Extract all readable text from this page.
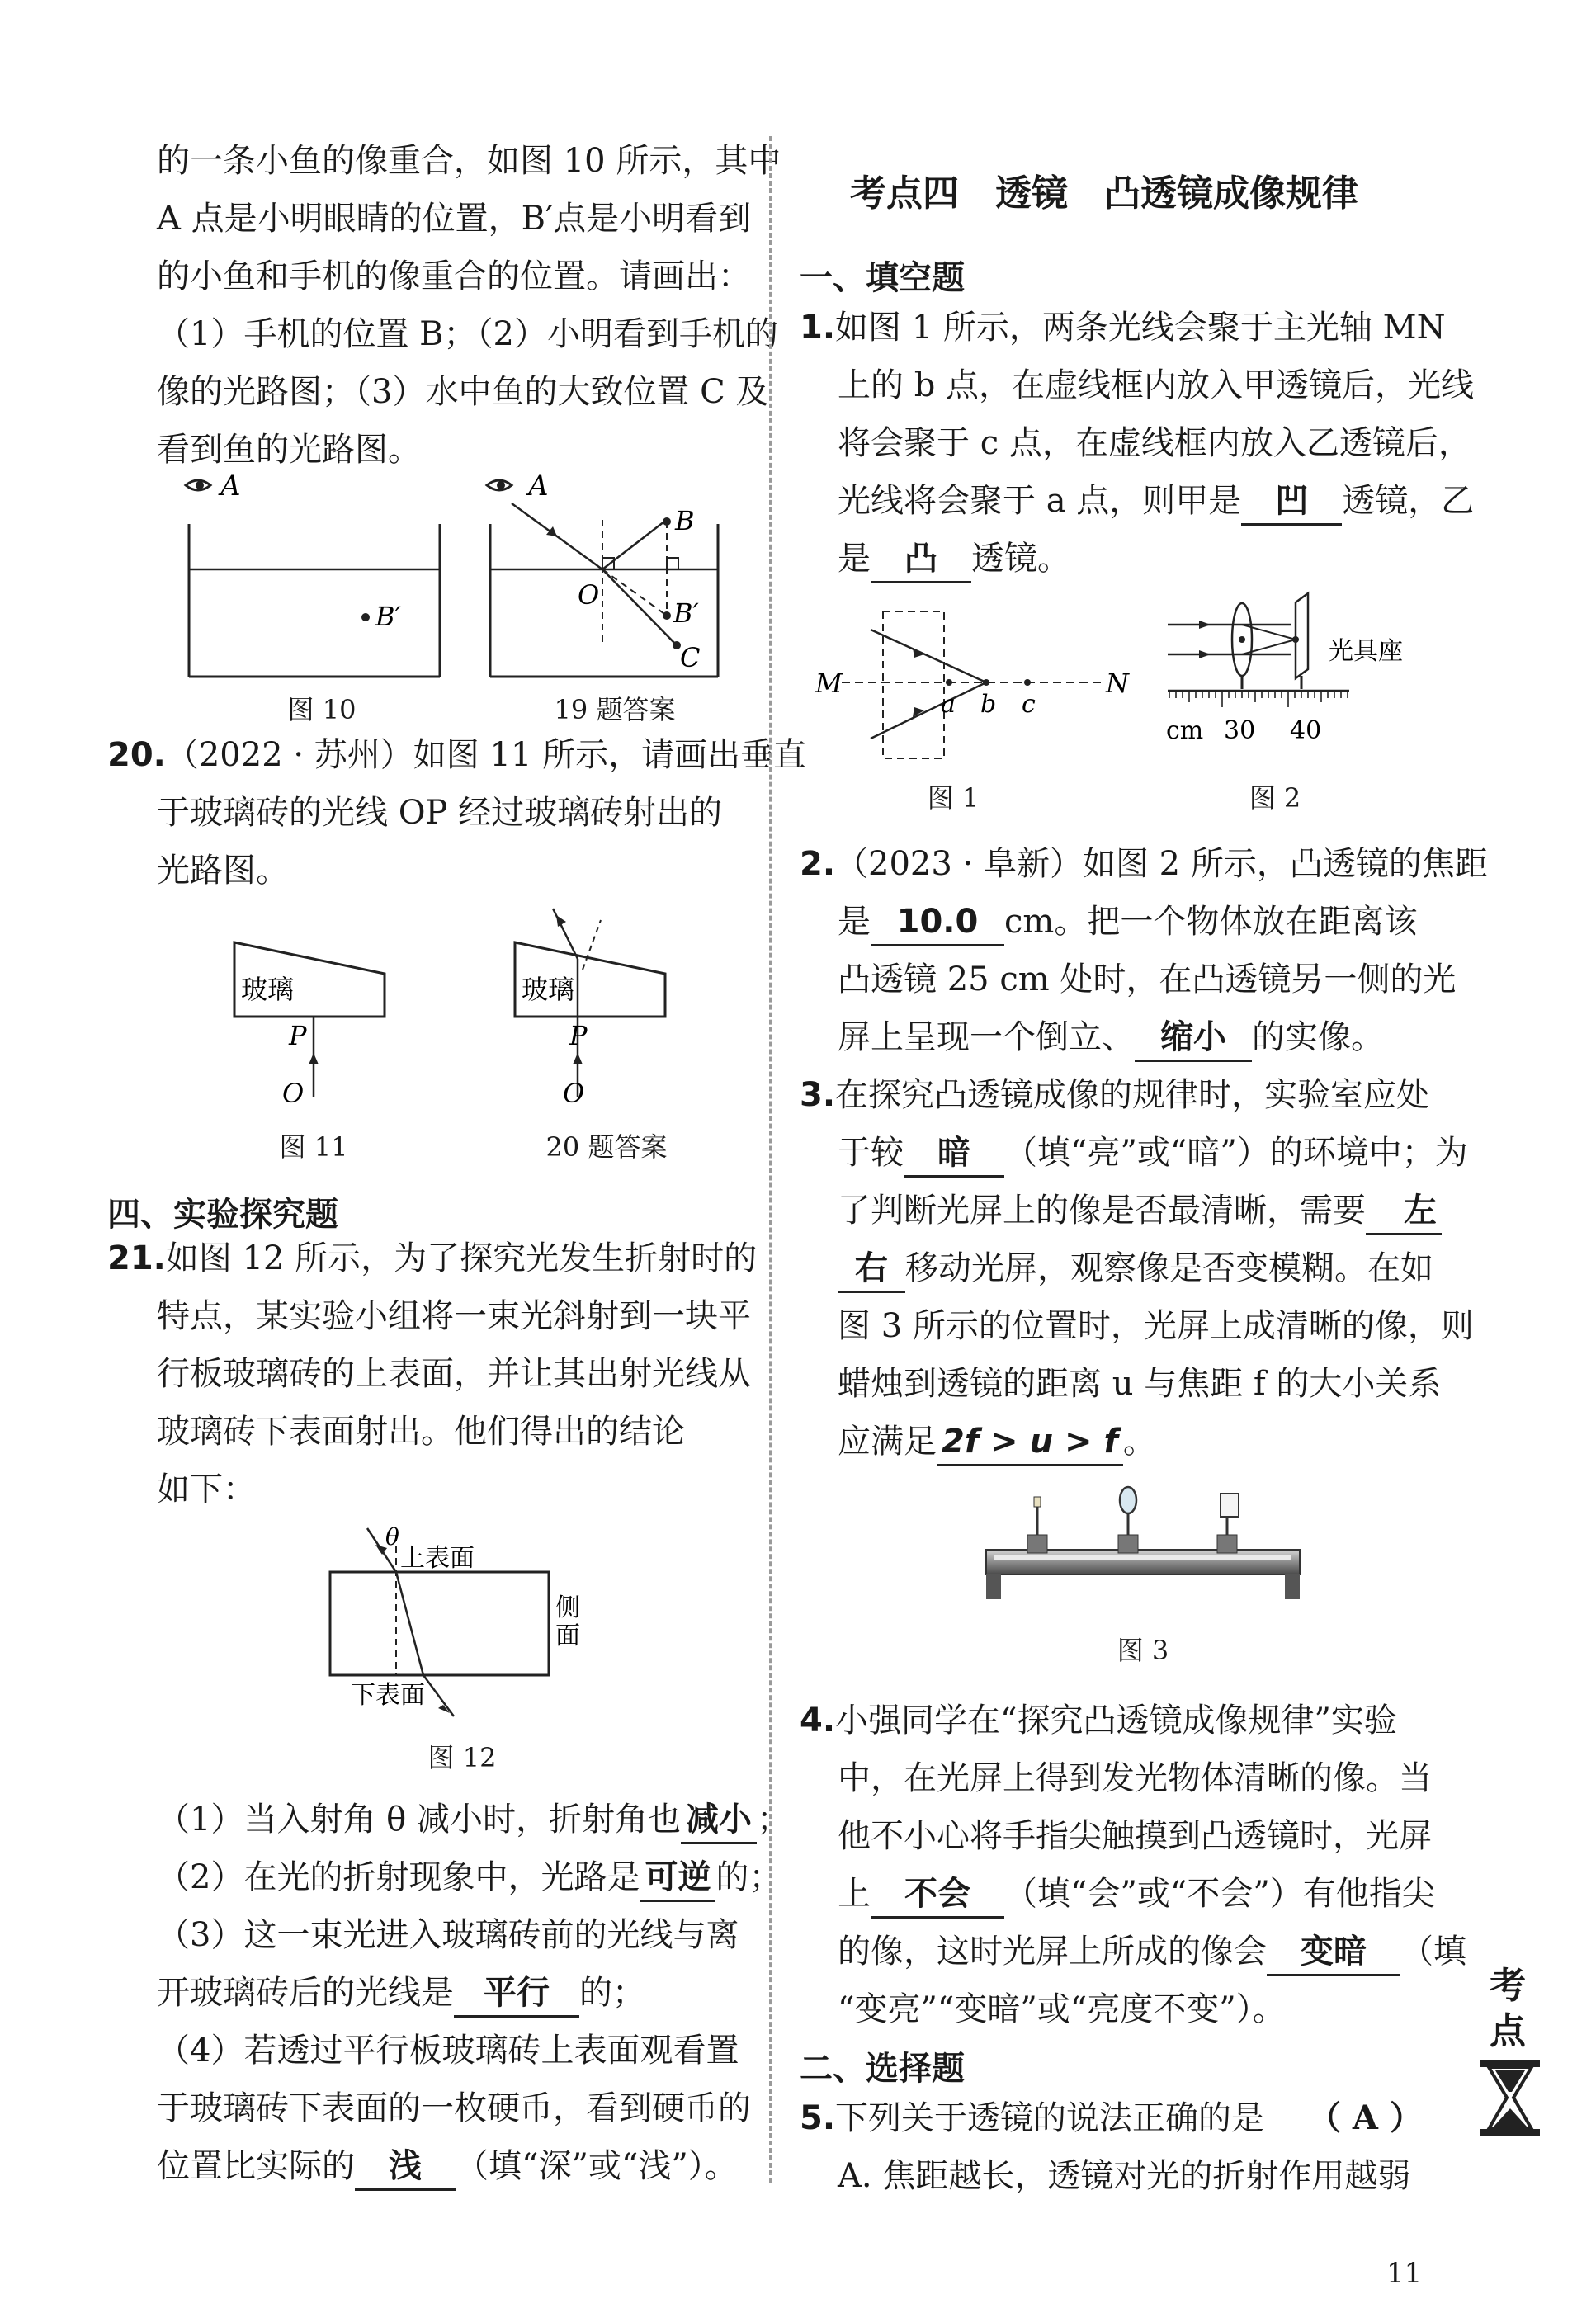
的一条小鱼的像重合，如图 10 所示，其中
A 点是小明眼睛的位置，B′点是小明看到
的小鱼和手机的像重合的位置。请画出：
（1）手机的位置 B；（2）小明看到手机的
像的光路图；（3）水中鱼的大致位置 C 及
看到鱼的光路图。
A
B′
图 10
A
B
O
B′
C
19 题答案
20.（2022 · 苏州）如图 11 所示，请画出垂直
于玻璃砖的光线 OP 经过玻璃砖射出的
光路图。
玻璃
P
O
图 11
玻璃
P
O
20 题答案
四、实验探究题
21.如图 12 所示，为了探究光发生折射时的
特点，某实验小组将一束光斜射到一块平
行板玻璃砖的上表面，并让其出射光线从
玻璃砖下表面射出。他们得出的结论
如下：
θ
上表面
侧
面
下表面
图 12
（1）当入射角 θ 减小时，折射角也 减小 ；
（2）在光的折射现象中，光路是 可逆 的；
（3）这一束光进入玻璃砖前的光线与离
开玻璃砖后的光线是 平行 的；
（4）若透过平行板玻璃砖上表面观看置
于玻璃砖下表面的一枚硬币，看到硬币的
位置比实际的 浅 （填“深”或“浅”）。
考点四　透镜　凸透镜成像规律
一、填空题
1.如图 1 所示，两条光线会聚于主光轴 MN
上的 b 点，在虚线框内放入甲透镜后，光线
将会聚于 c 点，在虚线框内放入乙透镜后，
光线将会聚于 a 点，则甲是 凹 透镜，乙
是 凸 透镜。
M	N
a b c
图 1
光具座
cm 30 40
图 2
2.（2023 · 阜新）如图 2 所示，凸透镜的焦距
是 10.0 cm。把一个物体放在距离该
凸透镜 25 cm 处时，在凸透镜另一侧的光
屏上呈现一个倒立、 缩小 的实像。
3.在探究凸透镜成像的规律时，实验室应处
于较 暗 （填“亮”或“暗”）的环境中；为
了判断光屏上的像是否最清晰，需要 左
右 移动光屏，观察像是否变模糊。在如
图 3 所示的位置时，光屏上成清晰的像，则
蜡烛到透镜的距离 u 与焦距 f 的大小关系
应满足 2f > u > f 。
图 3
4.小强同学在“探究凸透镜成像规律”实验
中，在光屏上得到发光物体清晰的像。当
他不小心将手指尖触摸到凸透镜时，光屏
上 不会 （填“会”或“不会”）有他指尖
的像，这时光屏上所成的像会 变暗 （填
“变亮”“变暗”或“亮度不变”）。
二、选择题
5.下列关于透镜的说法正确的是 （ A ）
A. 焦距越长，透镜对光的折射作用越弱
考
点
11
